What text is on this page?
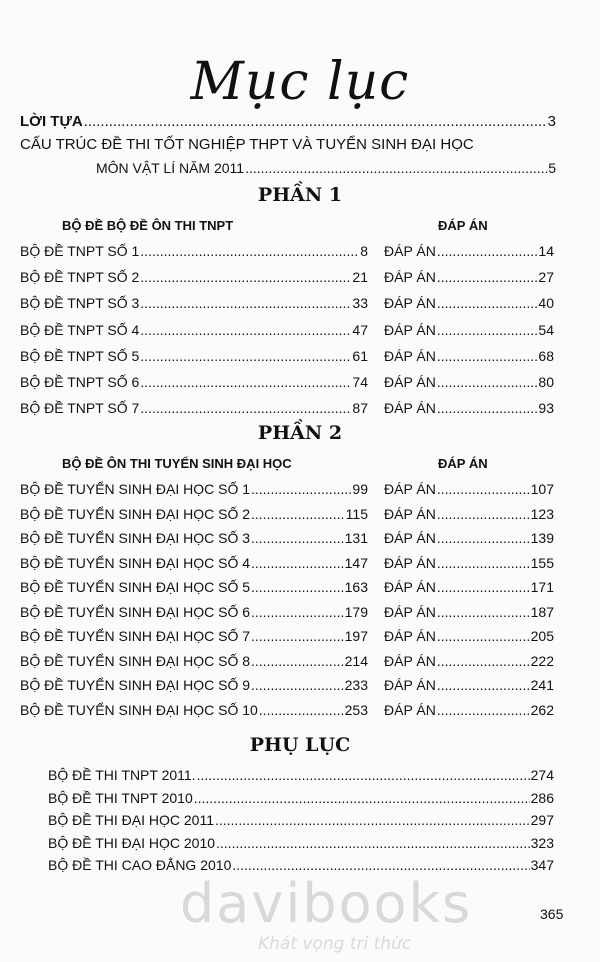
Mục lục
LỜI TỰA .....	3
CẤU TRÚC ĐỀ THI TỐT NGHIỆP THPT VÀ TUYỂN SINH ĐẠI HỌC
MÔN VẬT LÍ NĂM 2011 .....	5
PHẦN 1
BỘ ĐỀ BỘ ĐỀ ÔN THI TNPT	ĐÁP ÁN
BỘ ĐỀ TNPT SỐ 1 .....	8 ĐÁP ÁN .....	14
BỘ ĐỀ TNPT SỐ 2 .....	21 ĐÁP ÁN .....	27
BỘ ĐỀ TNPT SỐ 3 .....	33 ĐÁP ÁN .....	40
BỘ ĐỀ TNPT SỐ 4 .....	47 ĐÁP ÁN .....	54
BỘ ĐỀ TNPT SỐ 5 .....	61 ĐÁP ÁN .....	68
BỘ ĐỀ TNPT SỐ 6 .....	74 ĐÁP ÁN .....	80
BỘ ĐỀ TNPT SỐ 7 .....	87 ĐÁP ÁN .....	93
PHẦN 2
BỘ ĐỀ ÔN THI TUYỂN SINH ĐẠI HỌC	ĐÁP ÁN
BỘ ĐỀ TUYỂN SINH ĐẠI HỌC SỐ 1 .....	99 ĐÁP ÁN .....	107
BỘ ĐỀ TUYỂN SINH ĐẠI HỌC SỐ 2 .....	115 ĐÁP ÁN .....	123
BỘ ĐỀ TUYỂN SINH ĐẠI HỌC SỐ 3 .....	131 ĐÁP ÁN .....	139
BỘ ĐỀ TUYỂN SINH ĐẠI HỌC SỐ 4 .....	147 ĐÁP ÁN .....	155
BỘ ĐỀ TUYỂN SINH ĐẠI HỌC SỐ 5 .....	163 ĐÁP ÁN .....	171
BỘ ĐỀ TUYỂN SINH ĐẠI HỌC SỐ 6 .....	179 ĐÁP ÁN .....	187
BỘ ĐỀ TUYỂN SINH ĐẠI HỌC SỐ 7 .....	197 ĐÁP ÁN .....	205
BỘ ĐỀ TUYỂN SINH ĐẠI HỌC SỐ 8 .....	214 ĐÁP ÁN .....	222
BỘ ĐỀ TUYỂN SINH ĐẠI HỌC SỐ 9 .....	233 ĐÁP ÁN .....	241
BỘ ĐỀ TUYỂN SINH ĐẠI HỌC SỐ 10 .....	253 ĐÁP ÁN .....	262
PHỤ LỤC
BỘ ĐỀ THI TNPT 2011. .....	274
BỘ ĐỀ THI TNPT 2010 .....	286
BỘ ĐỀ THI ĐẠI HỌC 2011 .....	297
BỘ ĐỀ THI ĐẠI HỌC 2010 .....	323
BỘ ĐỀ THI CAO ĐẲNG 2010 .....	347
365
davibooks
Khát vọng tri thức
